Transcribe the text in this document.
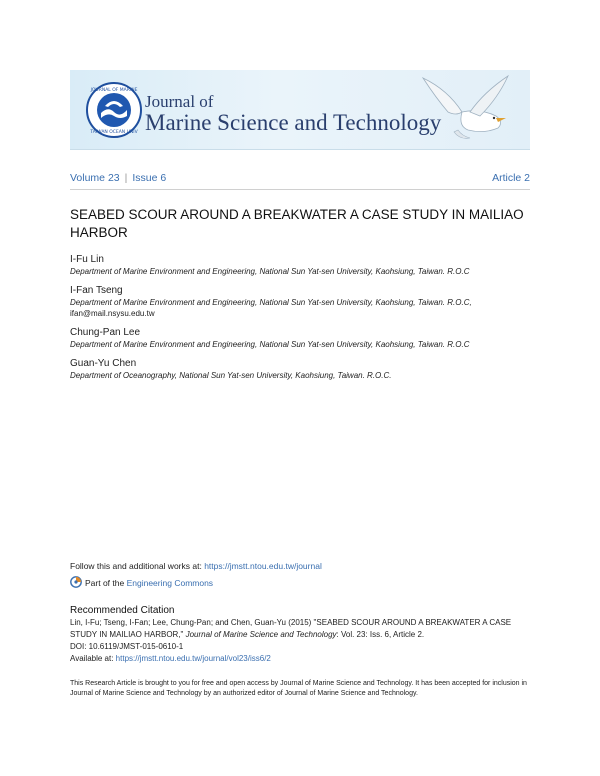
JOURNAL OF MARINE
TAIWAN OCEAN UNIV
Journal of
Marine Science and Technology
Volume 23 | Issue 6	Article 2
SEABED SCOUR AROUND A BREAKWATER A CASE STUDY IN MAILIAO HARBOR
I-Fu Lin
Department of Marine Environment and Engineering, National Sun Yat-sen University, Kaohsiung, Taiwan. R.O.C
I-Fan Tseng
Department of Marine Environment and Engineering, National Sun Yat-sen University, Kaohsiung, Taiwan. R.O.C,
ifan@mail.nsysu.edu.tw
Chung-Pan Lee
Department of Marine Environment and Engineering, National Sun Yat-sen University, Kaohsiung, Taiwan. R.O.C
Guan-Yu Chen
Department of Oceanography, National Sun Yat-sen University, Kaohsiung, Taiwan. R.O.C.
Follow this and additional works at: https://jmstt.ntou.edu.tw/journal
Part of the Engineering Commons
Recommended Citation
Lin, I-Fu; Tseng, I-Fan; Lee, Chung-Pan; and Chen, Guan-Yu (2015) "SEABED SCOUR AROUND A BREAKWATER A CASE
STUDY IN MAILIAO HARBOR," Journal of Marine Science and Technology: Vol. 23: Iss. 6, Article 2.
DOI: 10.6119/JMST-015-0610-1
Available at: https://jmstt.ntou.edu.tw/journal/vol23/iss6/2
This Research Article is brought to you for free and open access by Journal of Marine Science and Technology. It has been accepted for inclusion in Journal of Marine Science and Technology by an authorized editor of Journal of Marine Science and Technology.
